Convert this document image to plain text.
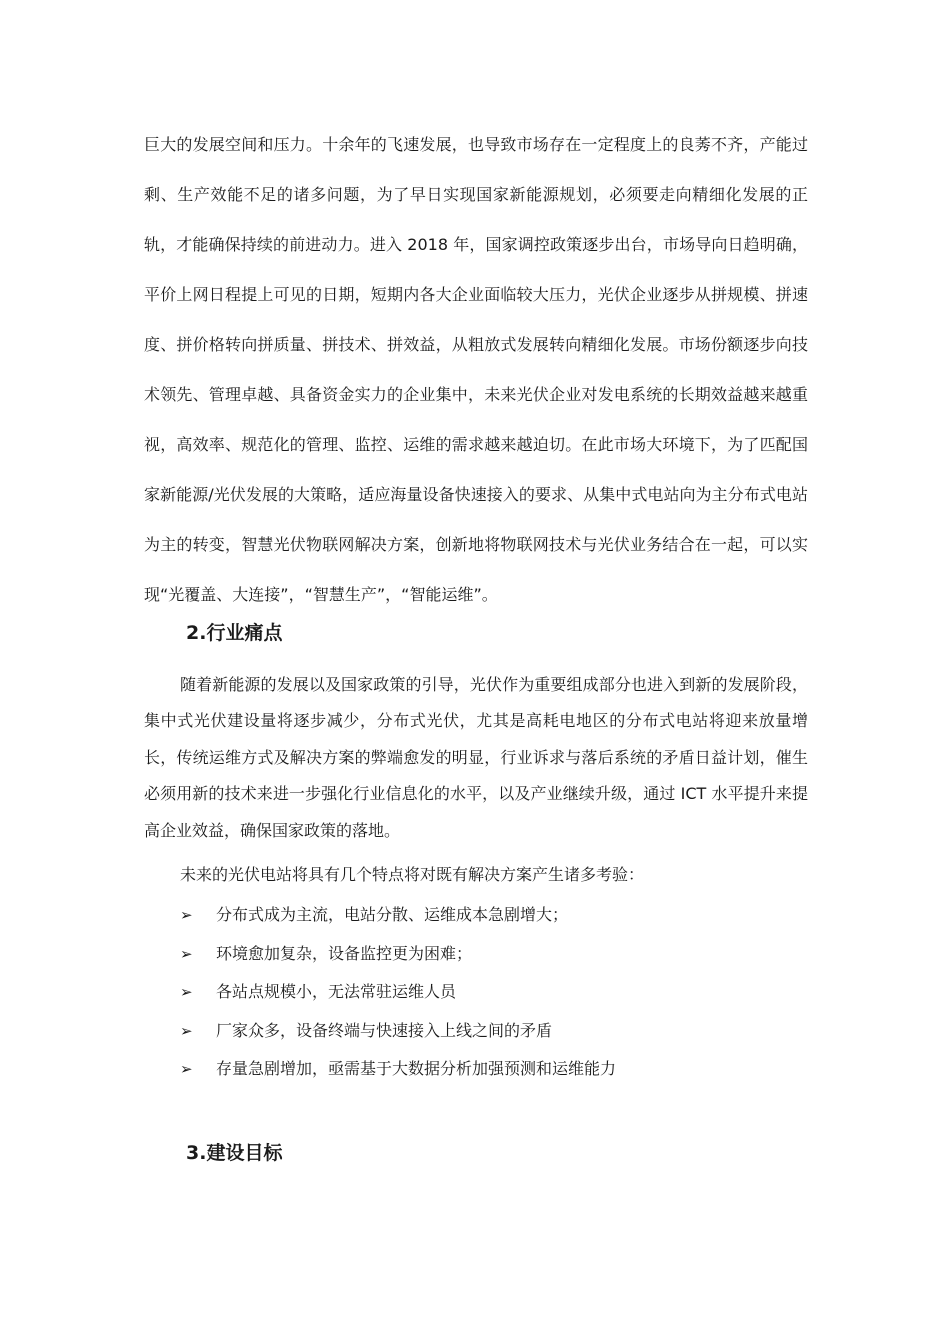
巨大的发展空间和压力。十余年的飞速发展，也导致市场存在一定程度上的良莠不齐，产能过剩、生产效能不足的诸多问题，为了早日实现国家新能源规划，必须要走向精细化发展的正轨，才能确保持续的前进动力。进入 2018 年，国家调控政策逐步出台，市场导向日趋明确，平价上网日程提上可见的日期，短期内各大企业面临较大压力，光伏企业逐步从拼规模、拼速度、拼价格转向拼质量、拼技术、拼效益，从粗放式发展转向精细化发展。市场份额逐步向技术领先、管理卓越、具备资金实力的企业集中，未来光伏企业对发电系统的长期效益越来越重视，高效率、规范化的管理、监控、运维的需求越来越迫切。在此市场大环境下，为了匹配国家新能源/光伏发展的大策略，适应海量设备快速接入的要求、从集中式电站向为主分布式电站为主的转变，智慧光伏物联网解决方案，创新地将物联网技术与光伏业务结合在一起，可以实现“光覆盖、大连接”，“智慧生产”，“智能运维”。

2.行业痛点

随着新能源的发展以及国家政策的引导，光伏作为重要组成部分也进入到新的发展阶段，集中式光伏建设量将逐步减少，分布式光伏，尤其是高耗电地区的分布式电站将迎来放量增长，传统运维方式及解决方案的弊端愈发的明显，行业诉求与落后系统的矛盾日益计划，催生必须用新的技术来进一步强化行业信息化的水平，以及产业继续升级，通过 ICT 水平提升来提高企业效益，确保国家政策的落地。

未来的光伏电站将具有几个特点将对既有解决方案产生诸多考验：

➢	分布式成为主流，电站分散、运维成本急剧增大；
➢	环境愈加复杂，设备监控更为困难；
➢	各站点规模小，无法常驻运维人员
➢	厂家众多，设备终端与快速接入上线之间的矛盾
➢	存量急剧增加，亟需基于大数据分析加强预测和运维能力
3.建设目标
